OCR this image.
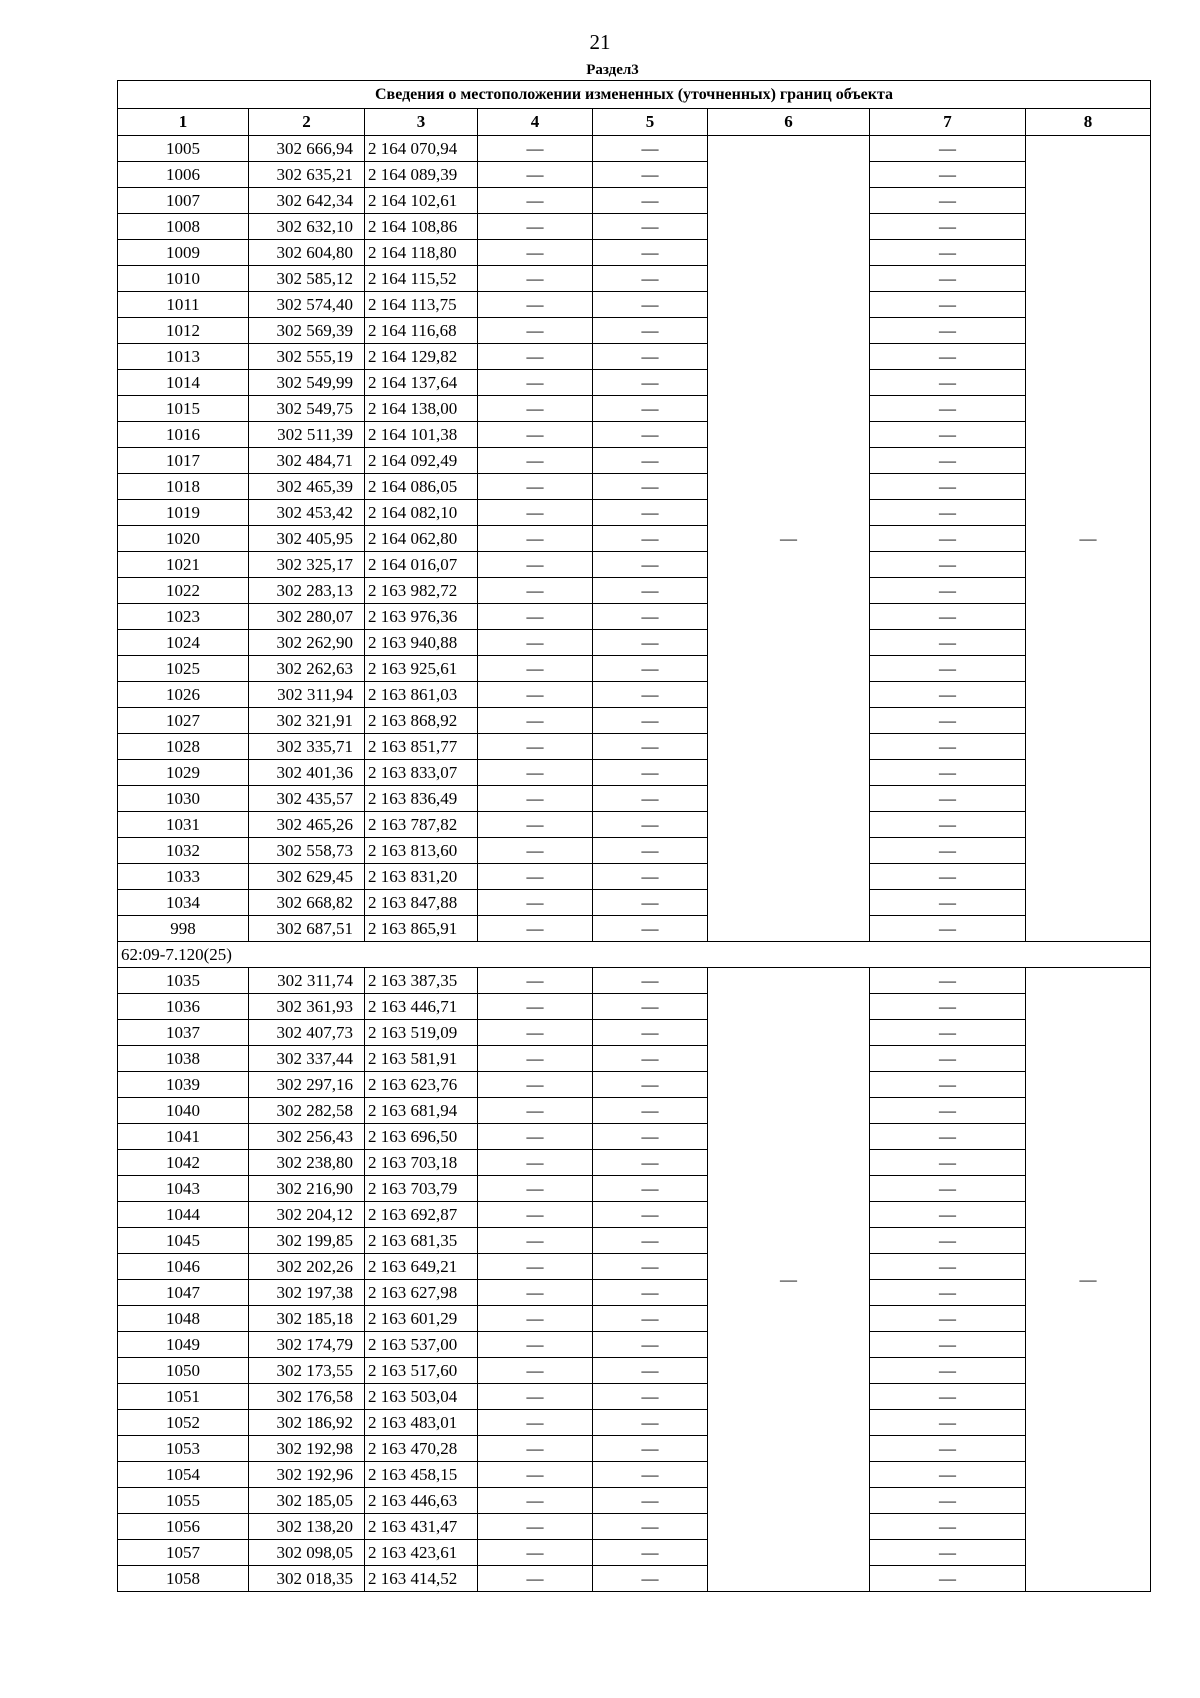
21
Раздел3
Сведения о местоположении измененных (уточненных) границ объекта							
1	2	3	4	5	6	7	8
1005	302 666,94	2 164 070,94	—	—	—	—	—
1006	302 635,21	2 164 089,39	—	—		—	
1007	302 642,34	2 164 102,61	—	—		—	
1008	302 632,10	2 164 108,86	—	—		—	
1009	302 604,80	2 164 118,80	—	—		—	
1010	302 585,12	2 164 115,52	—	—		—	
1011	302 574,40	2 164 113,75	—	—		—	
1012	302 569,39	2 164 116,68	—	—		—	
1013	302 555,19	2 164 129,82	—	—		—	
1014	302 549,99	2 164 137,64	—	—		—	
1015	302 549,75	2 164 138,00	—	—		—	
1016	302 511,39	2 164 101,38	—	—		—	
1017	302 484,71	2 164 092,49	—	—		—	
1018	302 465,39	2 164 086,05	—	—		—	
1019	302 453,42	2 164 082,10	—	—		—	
1020	302 405,95	2 164 062,80	—	—		—	
1021	302 325,17	2 164 016,07	—	—		—	
1022	302 283,13	2 163 982,72	—	—		—	
1023	302 280,07	2 163 976,36	—	—		—	
1024	302 262,90	2 163 940,88	—	—		—	
1025	302 262,63	2 163 925,61	—	—		—	
1026	302 311,94	2 163 861,03	—	—		—	
1027	302 321,91	2 163 868,92	—	—		—	
1028	302 335,71	2 163 851,77	—	—		—	
1029	302 401,36	2 163 833,07	—	—		—	
1030	302 435,57	2 163 836,49	—	—		—	
1031	302 465,26	2 163 787,82	—	—		—	
1032	302 558,73	2 163 813,60	—	—		—	
1033	302 629,45	2 163 831,20	—	—		—	
1034	302 668,82	2 163 847,88	—	—		—	
998	302 687,51	2 163 865,91	—	—		—	
62:09-7.120(25)							
1035	302 311,74	2 163 387,35	—	—	—	—	—
1036	302 361,93	2 163 446,71	—	—		—	
1037	302 407,73	2 163 519,09	—	—		—	
1038	302 337,44	2 163 581,91	—	—		—	
1039	302 297,16	2 163 623,76	—	—		—	
1040	302 282,58	2 163 681,94	—	—		—	
1041	302 256,43	2 163 696,50	—	—		—	
1042	302 238,80	2 163 703,18	—	—		—	
1043	302 216,90	2 163 703,79	—	—		—	
1044	302 204,12	2 163 692,87	—	—		—	
1045	302 199,85	2 163 681,35	—	—		—	
1046	302 202,26	2 163 649,21	—	—		—	
1047	302 197,38	2 163 627,98	—	—		—	
1048	302 185,18	2 163 601,29	—	—		—	
1049	302 174,79	2 163 537,00	—	—		—	
1050	302 173,55	2 163 517,60	—	—		—	
1051	302 176,58	2 163 503,04	—	—		—	
1052	302 186,92	2 163 483,01	—	—		—	
1053	302 192,98	2 163 470,28	—	—		—	
1054	302 192,96	2 163 458,15	—	—		—	
1055	302 185,05	2 163 446,63	—	—		—	
1056	302 138,20	2 163 431,47	—	—		—	
1057	302 098,05	2 163 423,61	—	—		—	
1058	302 018,35	2 163 414,52	—	—		—	
